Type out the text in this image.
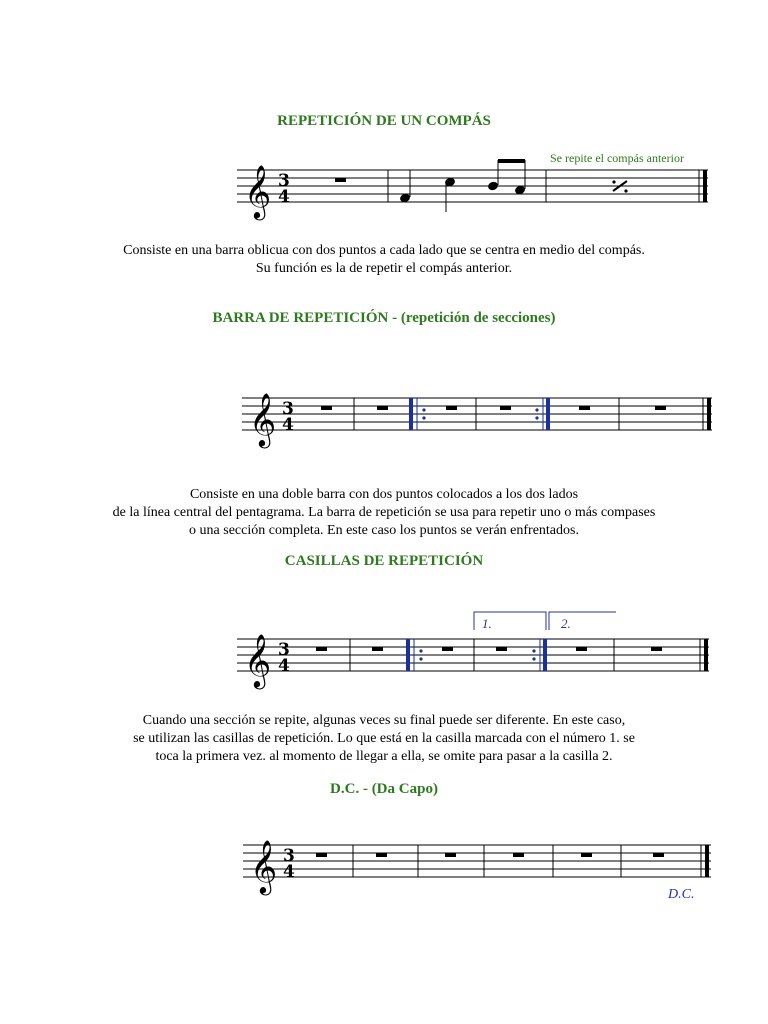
REPETICIÓN DE UN COMPÁS
Se repite el compás anterior
𝄞 3
4
Consiste en una barra oblicua con dos puntos a cada lado que se centra en medio del compás.
Su función es la de repetir el compás anterior.
BARRA DE REPETICIÓN - (repetición de secciones)
𝄞 3
4
Consiste en una doble barra con dos puntos colocados a los dos lados
de la línea central del pentagrama. La barra de repetición se usa para repetir uno o más compases
o una sección completa. En este caso los puntos se verán enfrentados.
CASILLAS DE REPETICIÓN
1.	2.
𝄞 3
4
Cuando una sección se repite, algunas veces su final puede ser diferente. En este caso,
se utilizan las casillas de repetición. Lo que está en la casilla marcada con el número 1. se
toca la primera vez. al momento de llegar a ella, se omite para pasar a la casilla 2.
D.C. - (Da Capo)
𝄞 3
4
D.C.
